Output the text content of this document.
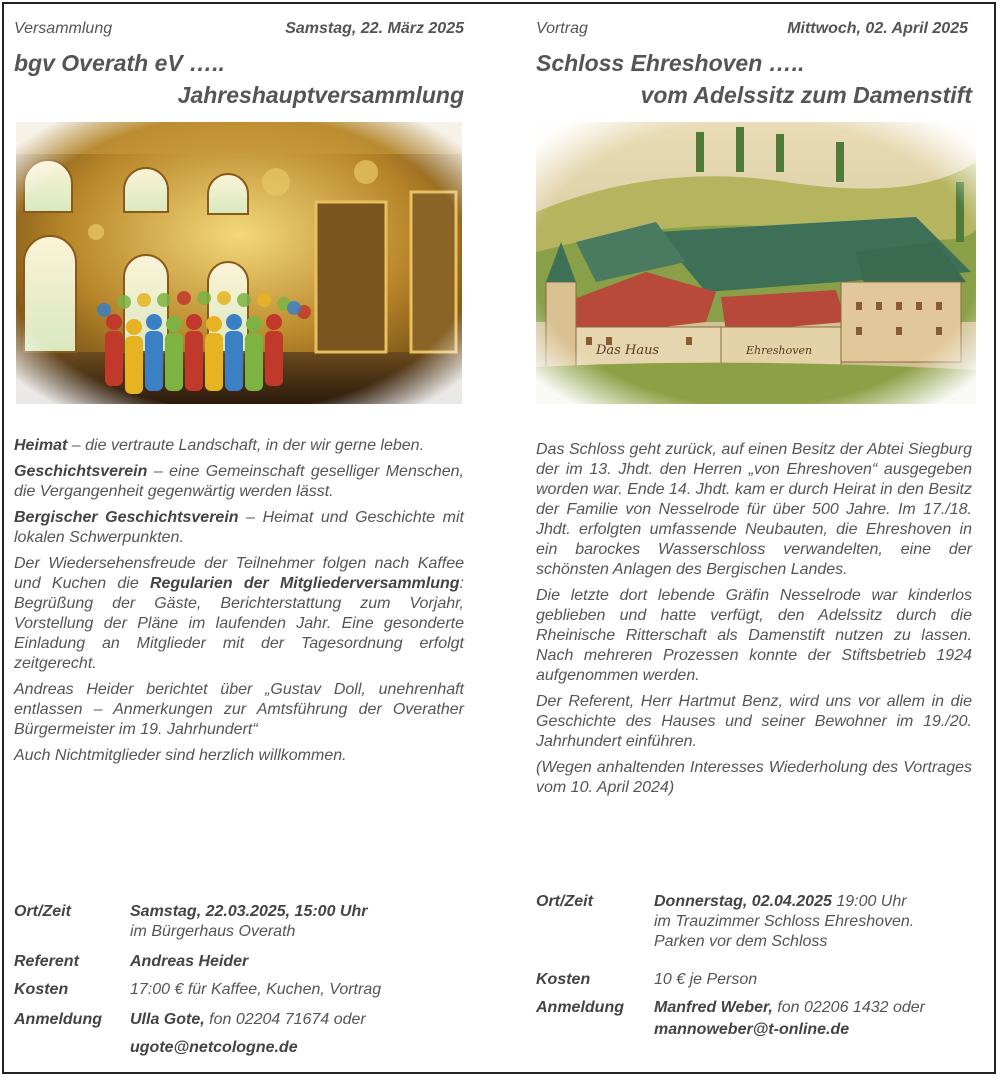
Versammlung	Samstag, 22. März 2025
bgv Overath eV …..
Jahreshauptversammlung

Heimat – die vertraute Landschaft, in der wir gerne leben.

Geschichtsverein – eine Gemeinschaft geselliger Menschen, die Vergangenheit gegenwärtig werden lässt.

Bergischer Geschichtsverein – Heimat und Geschichte mit lokalen Schwerpunkten.

Der Wiedersehensfreude der Teilnehmer folgen nach Kaffee und Kuchen die Regularien der Mitgliederversammlung: Begrüßung der Gäste, Berichterstattung zum Vorjahr, Vorstellung der Pläne im laufenden Jahr. Eine gesonderte Einladung an Mitglieder mit der Tagesordnung erfolgt zeitgerecht.

Andreas Heider berichtet über „Gustav Doll, unehrenhaft entlassen – Anmerkungen zur Amtsführung der Overather Bürgermeister im 19. Jahrhundert“

Auch Nichtmitglieder sind herzlich willkommen.

Ort/Zeit	Samstag, 22.03.2025, 15:00 Uhr
im Bürgerhaus Overath
Referent	Andreas Heider
Kosten	17:00 € für Kaffee, Kuchen, Vortrag
Anmeldung Ulla Gote, fon 02204 71674 oder
ugote@netcologne.de
Vortrag	Mittwoch, 02. April 2025
Schloss Ehreshoven …..
vom Adelssitz zum Damenstift

Das Schloss geht zurück, auf einen Besitz der Abtei Siegburg der im 13. Jhdt. den Herren „von Ehreshoven“ ausgegeben worden war. Ende 14. Jhdt. kam er durch Heirat in den Besitz der Familie von Nesselrode für über 500 Jahre. Im 17./18. Jhdt. erfolgten umfassende Neubauten, die Ehreshoven in ein barockes Wasserschloss verwandelten, eine der schönsten Anlagen des Bergischen Landes.

Die letzte dort lebende Gräfin Nesselrode war kinderlos geblieben und hatte verfügt, den Adelssitz durch die Rheinische Ritterschaft als Damenstift nutzen zu lassen. Nach mehreren Prozessen konnte der Stiftsbetrieb 1924 aufgenommen werden.

Der Referent, Herr Hartmut Benz, wird uns vor allem in die Geschichte des Hauses und seiner Bewohner im 19./20. Jahrhundert einführen.

(Wegen anhaltenden Interesses Wiederholung des Vortrages vom 10. April 2024)

Ort/Zeit	Donnerstag, 02.04.2025 19:00 Uhr
im Trauzimmer Schloss Ehreshoven.
Parken vor dem Schloss
Kosten	10 € je Person
Anmeldung Manfred Weber, fon 02206 1432 oder
mannoweber@t-online.de
